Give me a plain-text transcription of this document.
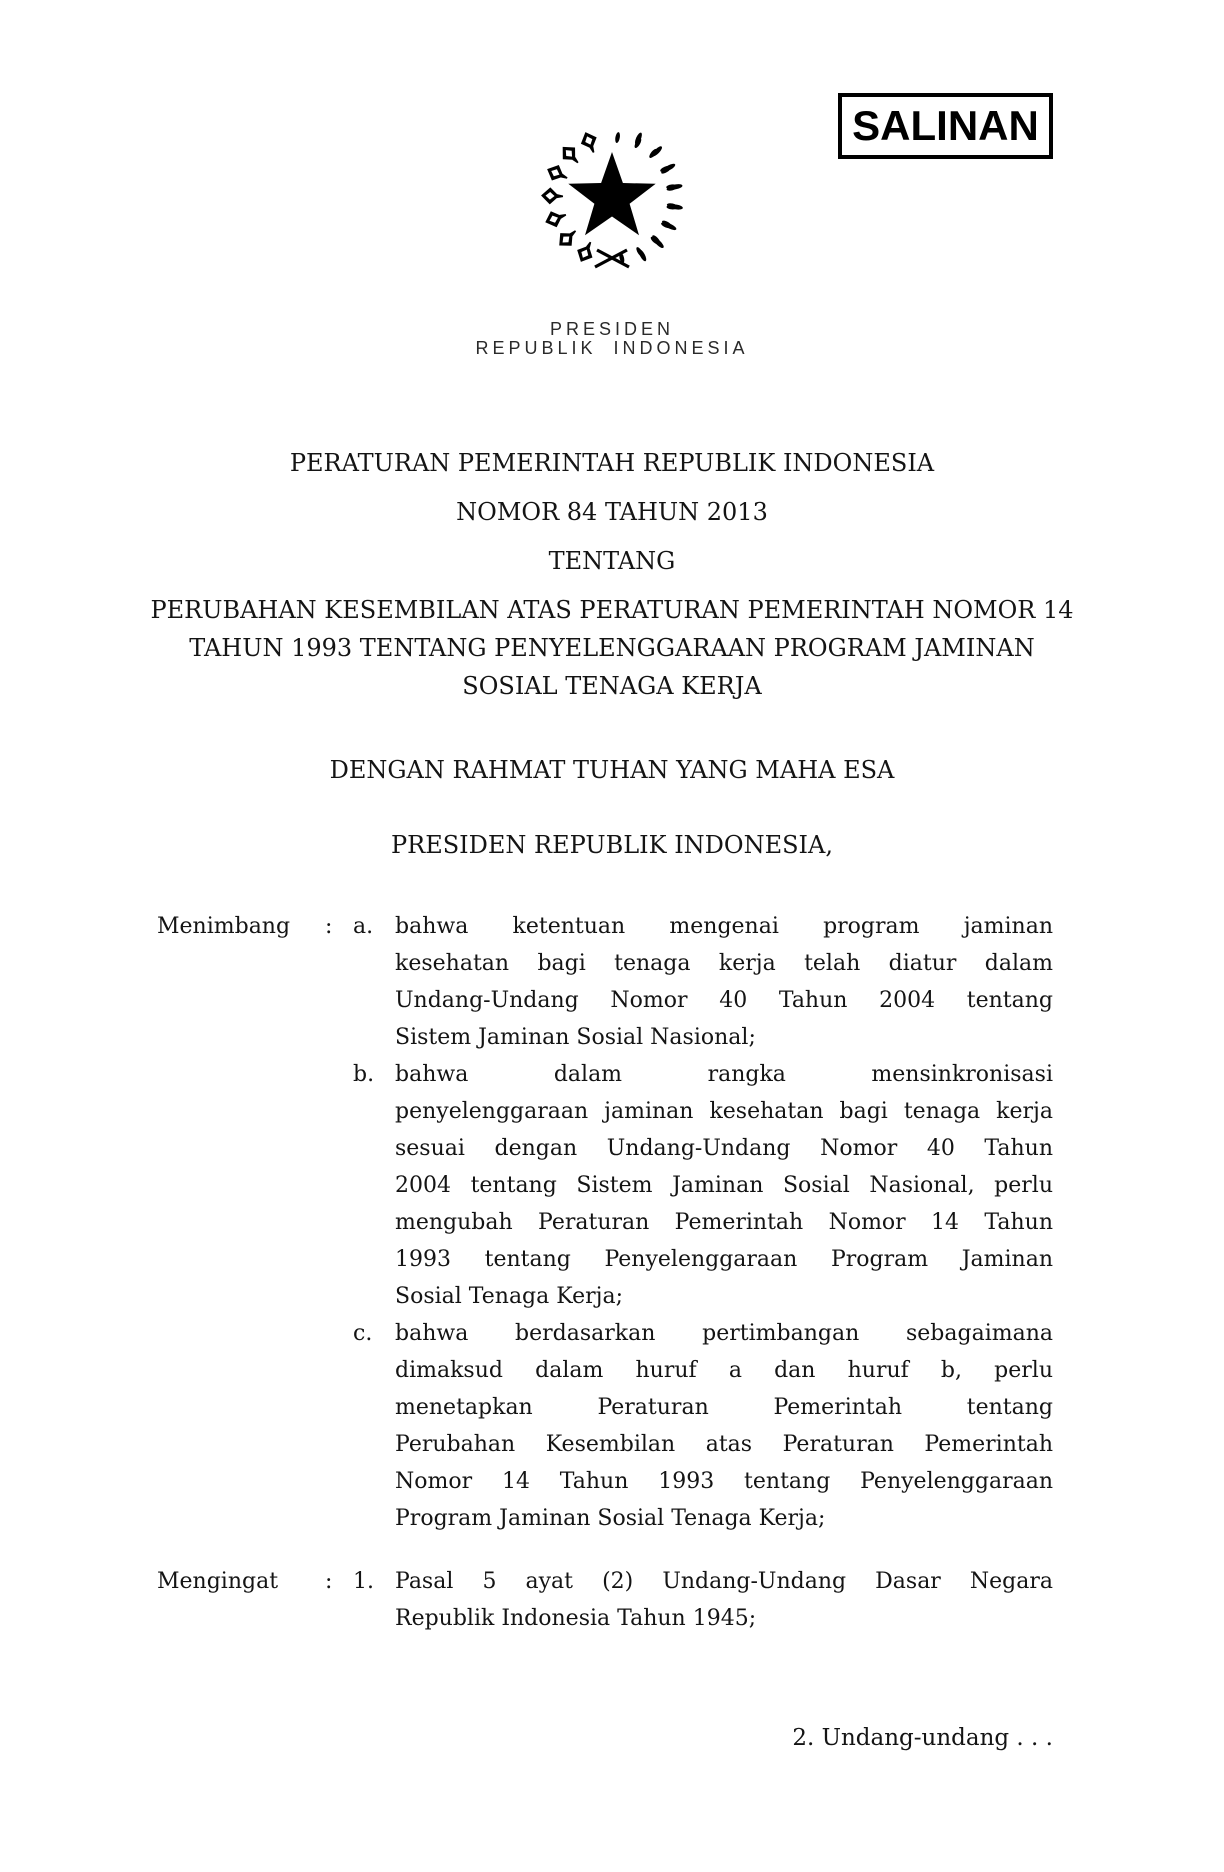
SALINAN
PRESIDEN
REPUBLIK INDONESIA
PERATURAN PEMERINTAH REPUBLIK INDONESIA
NOMOR 84 TAHUN 2013
TENTANG
PERUBAHAN KESEMBILAN ATAS PERATURAN PEMERINTAH NOMOR 14
TAHUN 1993 TENTANG PENYELENGGARAAN PROGRAM JAMINAN
SOSIAL TENAGA KERJA
DENGAN RAHMAT TUHAN YANG MAHA ESA
PRESIDEN REPUBLIK INDONESIA,
Menimbang	: a. bahwa ketentuan mengenai program jaminan
kesehatan bagi tenaga kerja telah diatur dalam
Undang-Undang Nomor 40 Tahun 2004 tentang
Sistem Jaminan Sosial Nasional;
b. bahwa dalam rangka mensinkronisasi
penyelenggaraan jaminan kesehatan bagi tenaga kerja
sesuai dengan Undang-Undang Nomor 40 Tahun
2004 tentang Sistem Jaminan Sosial Nasional, perlu
mengubah Peraturan Pemerintah Nomor 14 Tahun
1993 tentang Penyelenggaraan Program Jaminan
Sosial Tenaga Kerja;
c.	bahwa berdasarkan pertimbangan sebagaimana
dimaksud dalam huruf a dan huruf b, perlu
menetapkan Peraturan Pemerintah tentang
Perubahan Kesembilan atas Peraturan Pemerintah
Nomor 14 Tahun 1993 tentang Penyelenggaraan
Program Jaminan Sosial Tenaga Kerja;
Mengingat	: 1. Pasal 5 ayat (2) Undang-Undang Dasar Negara
Republik Indonesia Tahun 1945;
2. Undang-undang . . .
